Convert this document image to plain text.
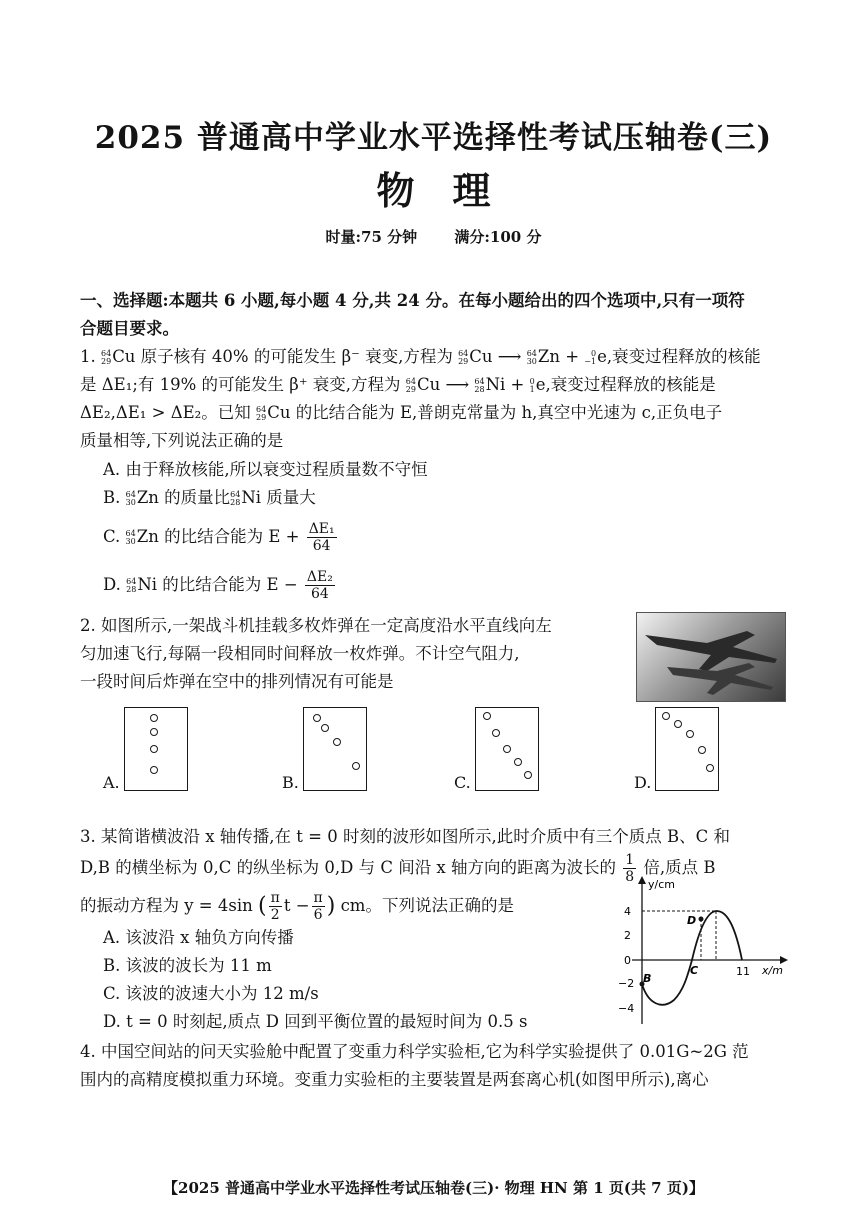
2025 普通高中学业水平选择性考试压轴卷(三)
物理
时量:75 分钟 满分:100 分
一、选择题:本题共 6 小题,每小题 4 分,共 24 分。在每小题给出的四个选项中,只有一项符
合题目要求。
1. 64
29 Cu 原子核有 40% 的可能发生 β⁻ 衰变,方程为 64
29 Cu ⟶ 64
30 Zn +	0
−1 e,衰变过程释放的核能
是 ΔE₁;有 19% 的可能发生 β⁺ 衰变,方程为 64
29 Cu ⟶ 64
28 Ni + 0
1 e,衰变过程释放的核能是
ΔE₂,ΔE₁ > ΔE₂。已知 64
29 Cu 的比结合能为 E,普朗克常量为 h,真空中光速为 c,正负电子
质量相等,下列说法正确的是
A. 由于释放核能,所以衰变过程质量数不守恒
B. 64
30 Zn 的质量比 64
28 Ni 质量大
C. 64
30 Zn 的比结合能为 $E + \frac{\text{ΔE₁}}{64}$
D. 64
28 Ni 的比结合能为 $E - \frac{\text{ΔE₂}}{64}$
2. 如图所示,一架战斗机挂载多枚炸弹在一定高度沿水平直线向左
匀加速飞行,每隔一段相同时间释放一枚炸弹。不计空气阻力,
一段时间后炸弹在空中的排列情况有可能是
A.	B.	C.	D.
3. 某简谐横波沿 x 轴传播,在 t = 0 时刻的波形如图所示,此时介质中有三个质点 B、C 和
D,B 的横坐标为 0,C 的纵坐标为 0,D 与 C 间沿 x 轴方向的距离为波长的 $\frac{1}{8}$ 倍,质点 B
的振动方程为 y = 4sin ( $\frac{\pi}{2}$ $t - \frac{\pi}{6}$ ) cm。下列说法正确的是
A. 该波沿 x 轴负方向传播
B. 该波的波长为 11 m
C. 该波的波速大小为 12 m/s
D. t = 0 时刻起,质点 D 回到平衡位置的最短时间为 0.5 s
y/cm
x/m
4
2
0
−2
−4
11
B
C
D
4. 中国空间站的问天实验舱中配置了变重力科学实验柜,它为科学实验提供了 0.01G~2G 范
围内的高精度模拟重力环境。变重力实验柜的主要装置是两套离心机(如图甲所示),离心
【2025 普通高中学业水平选择性考试压轴卷(三)· 物理 HN 第 1 页(共 7 页)】
